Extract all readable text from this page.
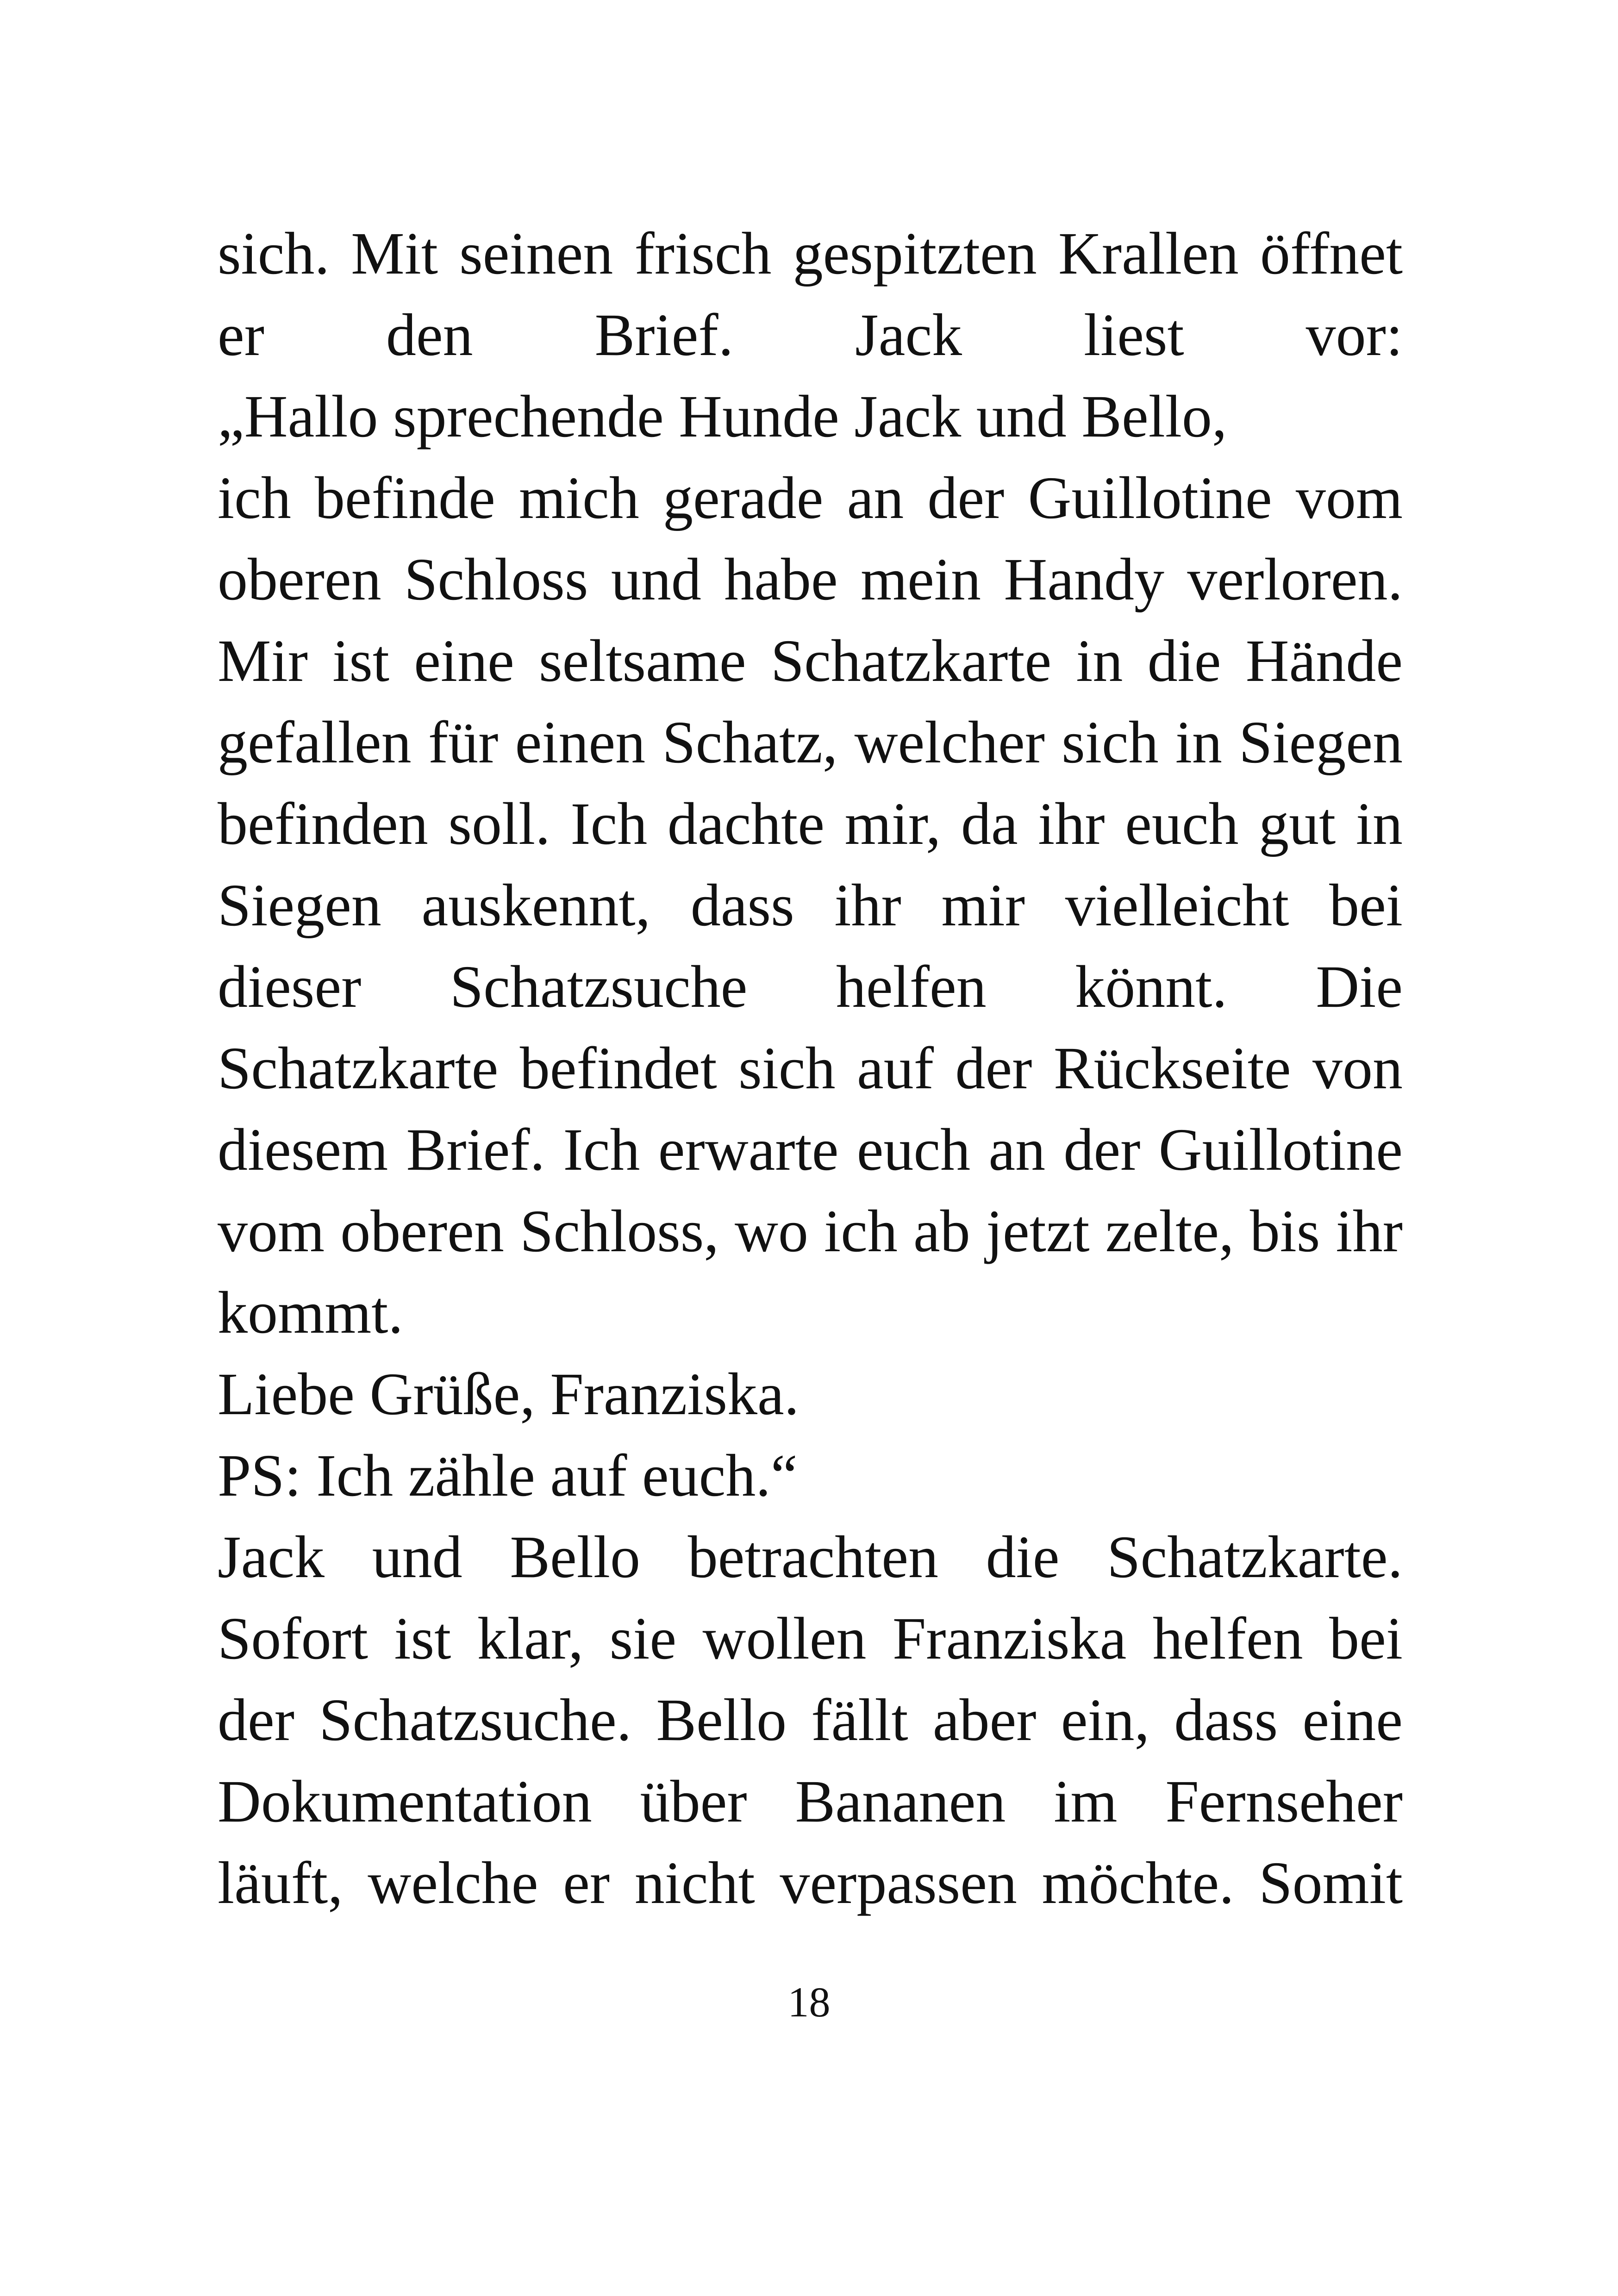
sich. Mit seinen frisch gespitzten Krallen öffnet
er den Brief. Jack liest vor:
„Hallo sprechende Hunde Jack und Bello,
ich befinde mich gerade an der Guillotine vom
oberen Schloss und habe mein Handy verloren.
Mir ist eine seltsame Schatzkarte in die Hände
gefallen für einen Schatz, welcher sich in Siegen
befinden soll. Ich dachte mir, da ihr euch gut in
Siegen auskennt, dass ihr mir vielleicht bei
dieser Schatzsuche helfen könnt. Die
Schatzkarte befindet sich auf der Rückseite von
diesem Brief. Ich erwarte euch an der Guillotine
vom oberen Schloss, wo ich ab jetzt zelte, bis ihr
kommt.
Liebe Grüße, Franziska.
PS: Ich zähle auf euch.“
Jack und Bello betrachten die Schatzkarte.
Sofort ist klar, sie wollen Franziska helfen bei
der Schatzsuche. Bello fällt aber ein, dass eine
Dokumentation über Bananen im Fernseher
läuft, welche er nicht verpassen möchte. Somit
18
